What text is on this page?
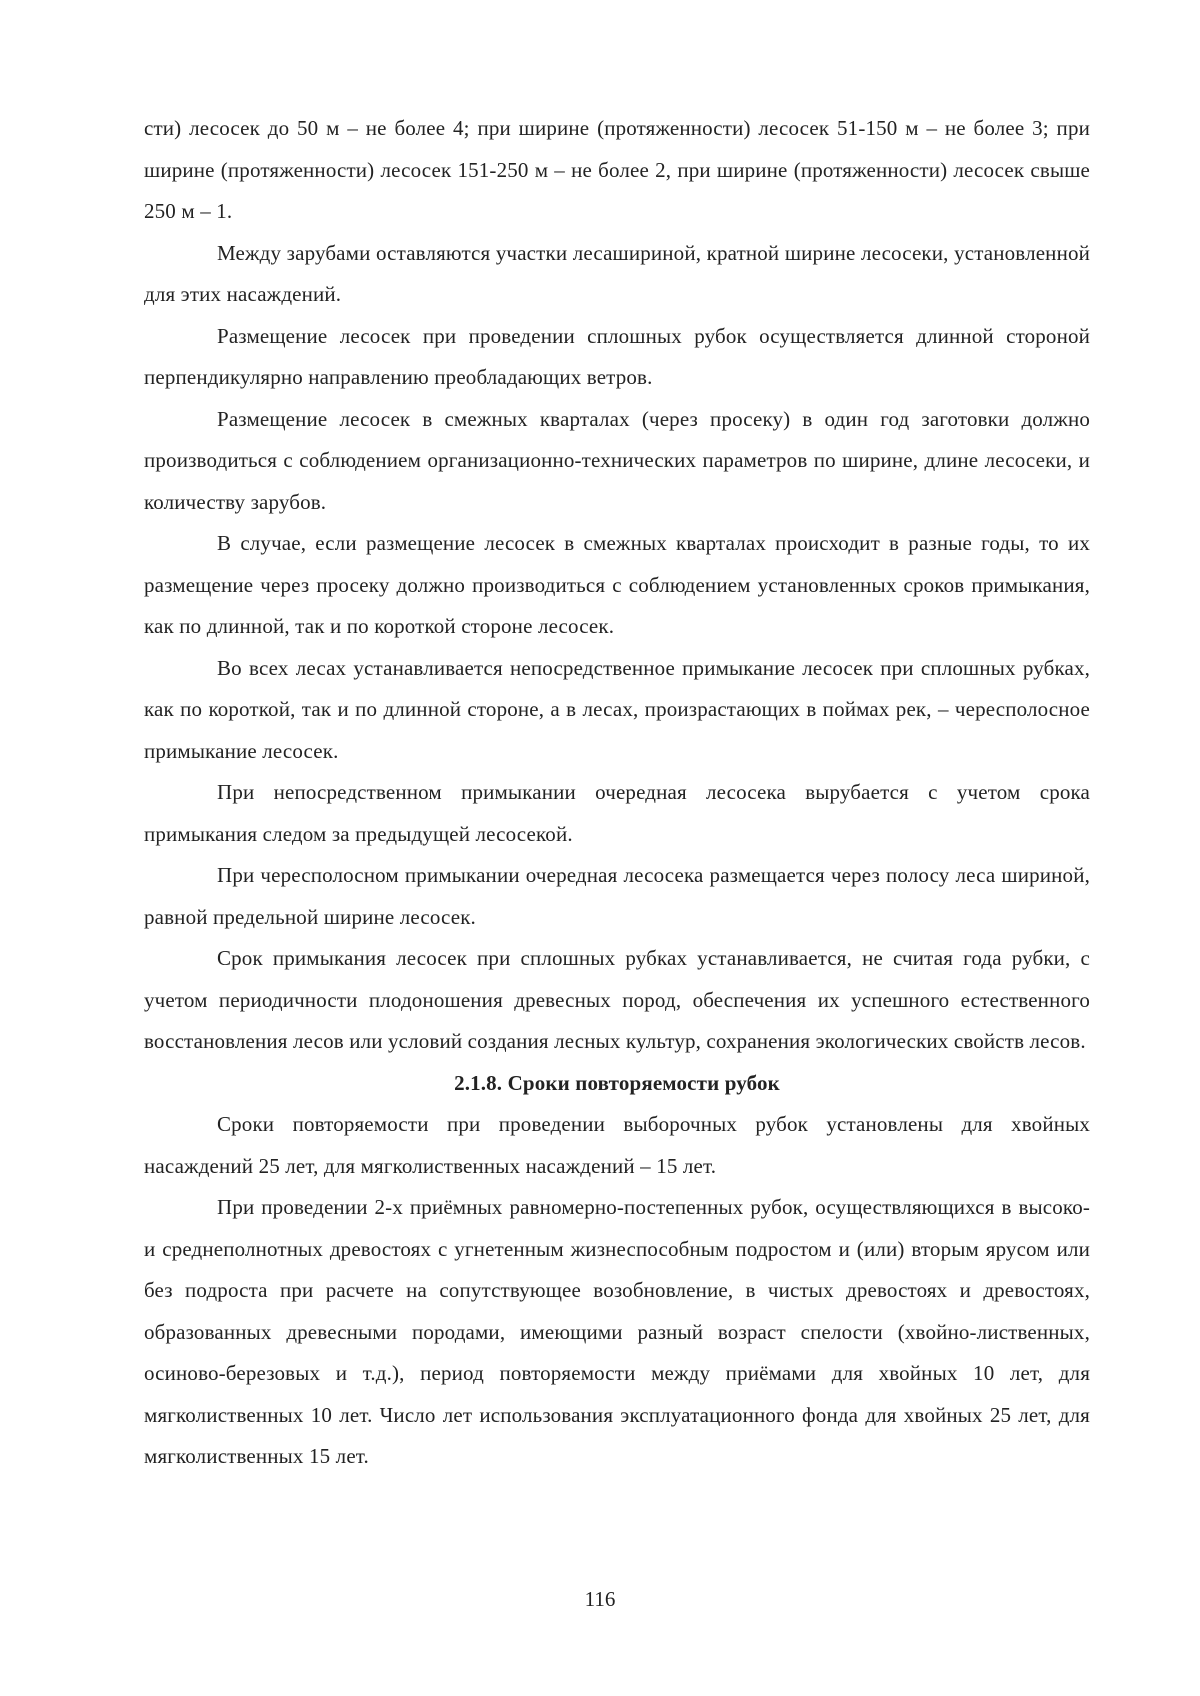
сти) лесосек до 50 м – не более 4; при ширине (протяженности) лесосек 51-150 м – не более 3; при ширине (протяженности) лесосек 151-250 м – не более 2, при ширине (протяженности) лесосек свыше 250 м – 1.

Между зарубами оставляются участки лесашириной, кратной ширине лесосеки, установленной для этих насаждений.

Размещение лесосек при проведении сплошных рубок осуществляется длинной стороной перпендикулярно направлению преобладающих ветров.

Размещение лесосек в смежных кварталах (через просеку) в один год заготовки должно производиться с соблюдением организационно-технических параметров по ширине, длине лесосеки, и количеству зарубов.

В случае, если размещение лесосек в смежных кварталах происходит в разные годы, то их размещение через просеку должно производиться с соблюдением установленных сроков примыкания, как по длинной, так и по короткой стороне лесосек.

Во всех лесах устанавливается непосредственное примыкание лесосек при сплошных рубках, как по короткой, так и по длинной стороне, а в лесах, произрастающих в поймах рек, – чересполосное примыкание лесосек.

При непосредственном примыкании очередная лесосека вырубается с учетом срока примыкания следом за предыдущей лесосекой.

При чересполосном примыкании очередная лесосека размещается через полосу леса шириной, равной предельной ширине лесосек.

Срок примыкания лесосек при сплошных рубках устанавливается, не считая года рубки, с учетом периодичности плодоношения древесных пород, обеспечения их успешного естественного восстановления лесов или условий создания лесных культур, сохранения экологических свойств лесов.

2.1.8. Сроки повторяемости рубок

Сроки повторяемости при проведении выборочных рубок установлены для хвойных насаждений 25 лет, для мягколиственных насаждений – 15 лет.

При проведении 2-х приёмных равномерно-постепенных рубок, осуществляющихся в высоко- и среднеполнотных древостоях с угнетенным жизнеспособным подростом и (или) вторым ярусом или без подроста при расчете на сопутствующее возобновление, в чистых древостоях и древостоях, образованных древесными породами, имеющими разный возраст спелости (хвойно-лиственных, осиново-березовых и т.д.), период повторяемости между приёмами для хвойных 10 лет, для мягколиственных 10 лет. Число лет использования эксплуатационного фонда для хвойных 25 лет, для мягколиственных 15 лет.

116
